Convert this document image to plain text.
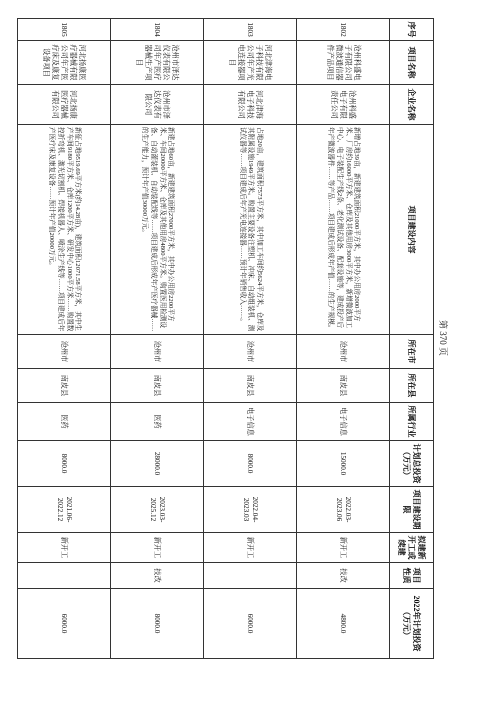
序号	项目名称	企业名称	项目建设内容	所在市	所在县	所属行业	计划总投资（万元）	项目建设期限	拟建新开工或续建	项目性质	2022年计划投资（万元）
1802	沧州科盛电子有限公司微波通信器件产品项目	沧州科盛电子有限责任公司	新增占地39亩，新建建筑面积21000平方米，其中办公用房2000平方米、厂房约16000平方米、仓库及其他用房3000平方米，新增微波加工中心、电子装配生产线2条、老化测试设备、配套设施等，建成投产后年产微波器件……等产品……项目建成后形成年产值……的生产规模。	沧州市	南皮县	电子信息	15000.0	2022.03-2023.06	新开工	技改	4800.0
1803	河北津海电子科技有限公司年产光电连接器项目	河北津海电子科技有限公司	占地20亩，建筑面积7573平方米，其中加工车间约5624平方米，仓库及其附属设施1949平方米。购置主要设备注塑机、冲床、自动组装机、测试仪器等……项目建成后年产光电连接器……预计年销售收入……。	沧州市	南皮县	电子信息	8000.0	2022.04-2023.03	新开工		6000.0
1804	沧州市泽达仪表有限公司年产医疗器械生产项目	沧州市泽达仪表有限公司	新建占地60亩，新建建筑面积27000平方米，其中办公用房2200平方米、车间20000平方米、仓库及其他用房4800平方米。购置医用检测设备、自动灌装机、自动装配线等……项目建成后形成年产医疗器械……的生产能力，预计年产值30000万元。	沧州市	南皮县	医药	28000.0	2023.03-2025.12	新开工	技改	8000.0
1805	河北扬康医疗器械有限公司年产医疗床及康复设备项目	河北扬康医疗器械有限公司	新征占地9519.69平方米(约14.28亩)，建筑面积12071.58平方米，其中生产车间9180平方米、仓库1200平方米、研发中心1000平方米……购置数控折弯机、激光切割机、焊接机器人、喷涂生产线等……项目建成后年产医疗床及康复设备……预计年产值20000万元。	沧州市	南皮县	医药	8000.0	2021.06-2022.12	新开工		6000.0
第 370 页
